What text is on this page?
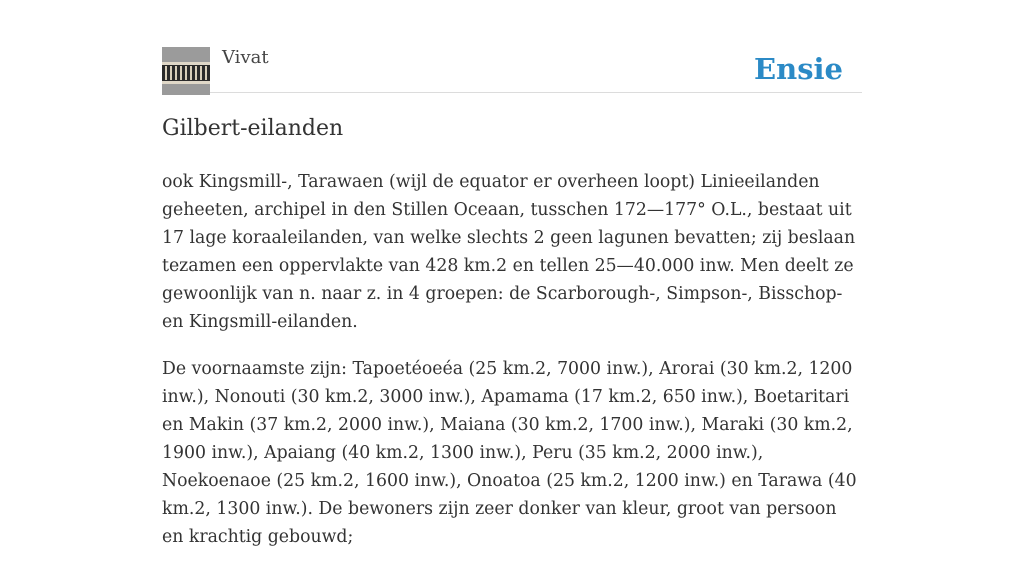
Vivat	Ensie
Gilbert-eilanden

ook Kingsmill-, Tarawaen (wijl de equator er overheen loopt) Linieeilanden geheeten, archipel in den Stillen Oceaan, tusschen 172—177° O.L., bestaat uit 17 lage koraaleilanden, van welke slechts 2 geen lagunen bevatten; zij beslaan tezamen een oppervlakte van 428 km.2 en tellen 25—40.000 inw. Men deelt ze gewoonlijk van n. naar z. in 4 groepen: de Scarborough-, Simpson-, Bisschop- en Kingsmill-eilanden.

De voornaamste zijn: Tapoetéoeéa (25 km.2, 7000 inw.), Arorai (30 km.2, 1200 inw.), Nonouti (30 km.2, 3000 inw.), Apamama (17 km.2, 650 inw.), Boetaritari en Makin (37 km.2, 2000 inw.), Maiana (30 km.2, 1700 inw.), Maraki (30 km.2, 1900 inw.), Apaiang (40 km.2, 1300 inw.), Peru (35 km.2, 2000 inw.), Noekoenaoe (25 km.2, 1600 inw.), Onoatoa (25 km.2, 1200 inw.) en Tarawa (40 km.2, 1300 inw.). De bewoners zijn zeer donker van kleur, groot van persoon en krachtig gebouwd;
